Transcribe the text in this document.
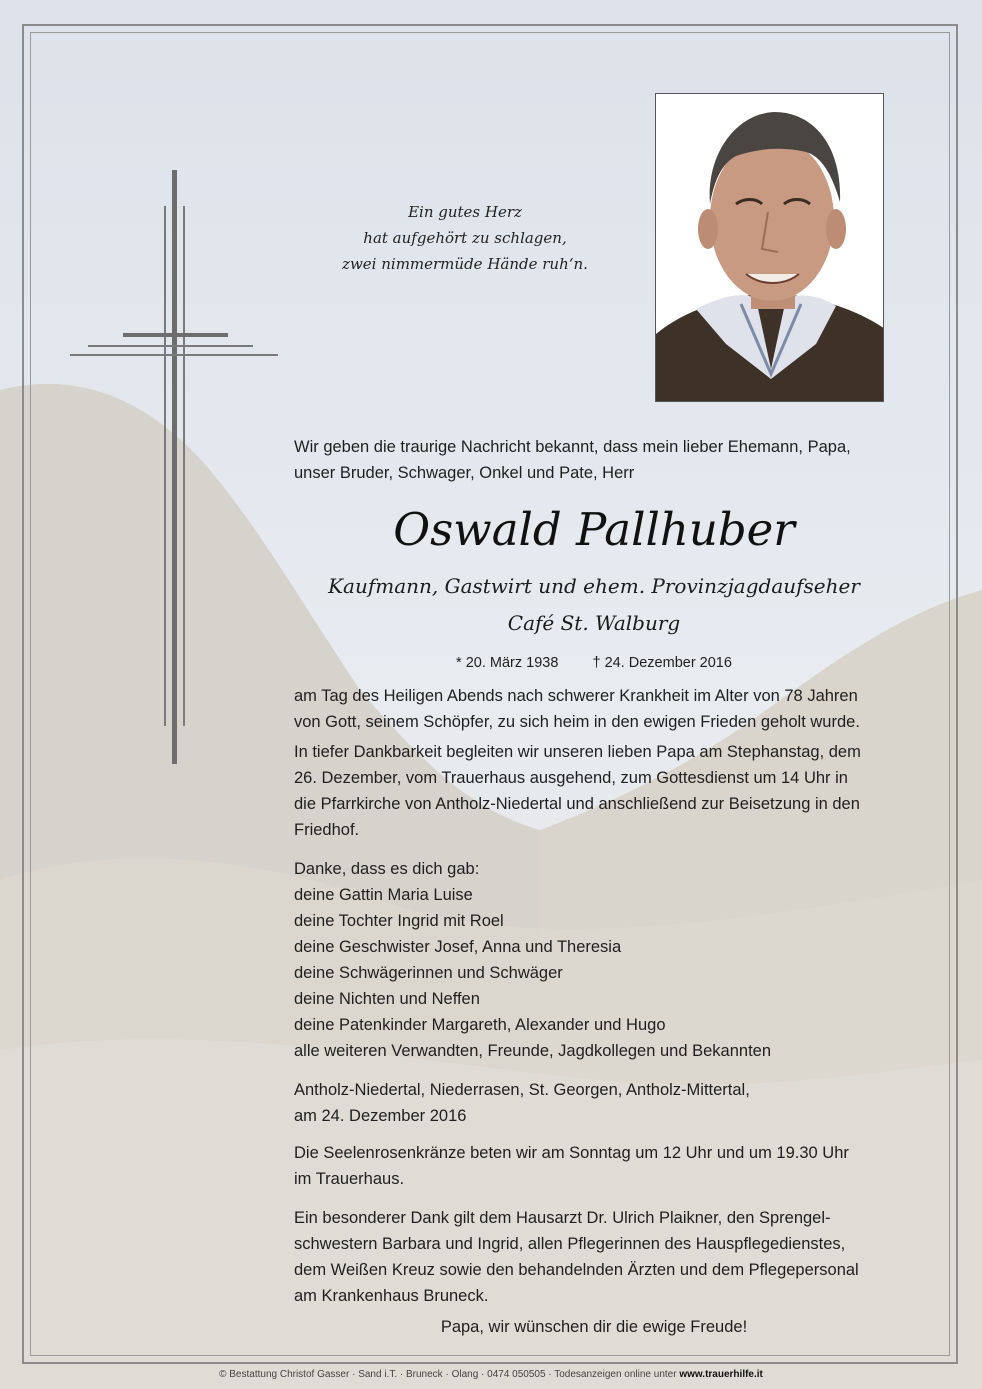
Ein gutes Herz
hat aufgehört zu schlagen,
zwei nimmermüde Hände ruh‘n.
Wir geben die traurige Nachricht bekannt, dass mein lieber Ehemann, Papa,
unser Bruder, Schwager, Onkel und Pate, Herr
Oswald Pallhuber
Kaufmann, Gastwirt und ehem. Provinzjagdaufseher
Café St. Walburg
* 20. März 1938 † 24. Dezember 2016
am Tag des Heiligen Abends nach schwerer Krankheit im Alter von 78 Jahren
von Gott, seinem Schöpfer, zu sich heim in den ewigen Frieden geholt wurde.
In tiefer Dankbarkeit begleiten wir unseren lieben Papa am Stephanstag, dem
26. Dezember, vom Trauerhaus ausgehend, zum Gottesdienst um 14 Uhr in
die Pfarrkirche von Antholz-Niedertal und anschließend zur Beisetzung in den
Friedhof.
Danke, dass es dich gab:
deine Gattin Maria Luise
deine Tochter Ingrid mit Roel
deine Geschwister Josef, Anna und Theresia
deine Schwägerinnen und Schwäger
deine Nichten und Neffen
deine Patenkinder Margareth, Alexander und Hugo
alle weiteren Verwandten, Freunde, Jagdkollegen und Bekannten
Antholz-Niedertal, Niederrasen, St. Georgen, Antholz-Mittertal,
am 24. Dezember 2016
Die Seelenrosenkränze beten wir am Sonntag um 12 Uhr und um 19.30 Uhr
im Trauerhaus.
Ein besonderer Dank gilt dem Hausarzt Dr. Ulrich Plaikner, den Sprengel-
schwestern Barbara und Ingrid, allen Pflegerinnen des Hauspflegedienstes,
dem Weißen Kreuz sowie den behandelnden Ärzten und dem Pflegepersonal
am Krankenhaus Bruneck.
Papa, wir wünschen dir die ewige Freude!
© Bestattung Christof Gasser · Sand i.T. · Bruneck · Olang · 0474 050505 · Todesanzeigen online unter www.trauerhilfe.it
